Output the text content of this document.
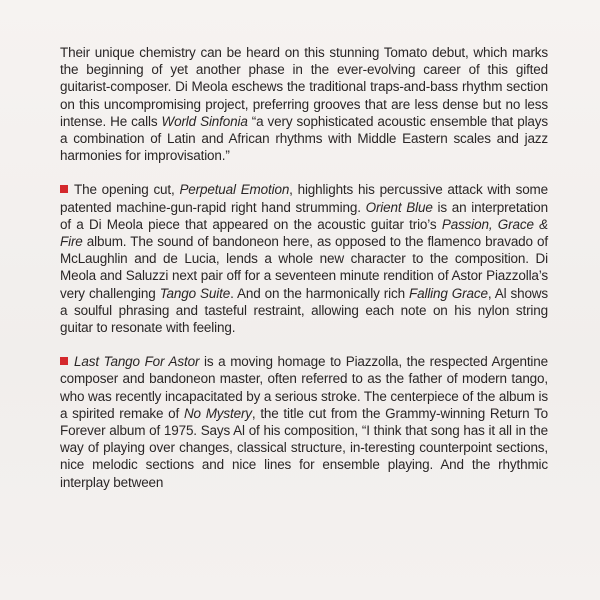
Their unique chemistry can be heard on this stunning Tomato debut, which marks the beginning of yet another phase in the ever-evolving career of this gifted guitarist-composer. Di Meola eschews the traditional traps-and-bass rhythm section on this uncompromising project, preferring grooves that are less dense but no less intense. He calls World Sinfonia “a very sophisticated acoustic ensemble that plays a combination of Latin and African rhythms with Middle Eastern scales and jazz harmonies for improvisation.”

The opening cut, Perpetual Emotion, highlights his percussive attack with some patented machine-gun-rapid right hand strumming. Orient Blue is an interpretation of a Di Meola piece that appeared on the acoustic guitar trio’s Passion, Grace & Fire album. The sound of bandoneon here, as opposed to the flamenco bravado of McLaughlin and de Lucia, lends a whole new character to the composition. Di Meola and Saluzzi next pair off for a seventeen minute rendition of Astor Piazzolla’s very challenging Tango Suite. And on the harmonically rich Falling Grace, Al shows a soulful phrasing and tasteful restraint, allowing each note on his nylon string guitar to resonate with feeling.

Last Tango For Astor is a moving homage to Piazzolla, the respected Argentine composer and bandoneon master, often referred to as the father of modern tango, who was recently incapacitated by a serious stroke. The centerpiece of the album is a spirited remake of No Mystery, the title cut from the Grammy-winning Return To Forever album of 1975. Says Al of his composition, “I think that song has it all in the way of playing over changes, classical structure, in-teresting counterpoint sections, nice melodic sections and nice lines for ensemble playing. And the rhythmic interplay between
